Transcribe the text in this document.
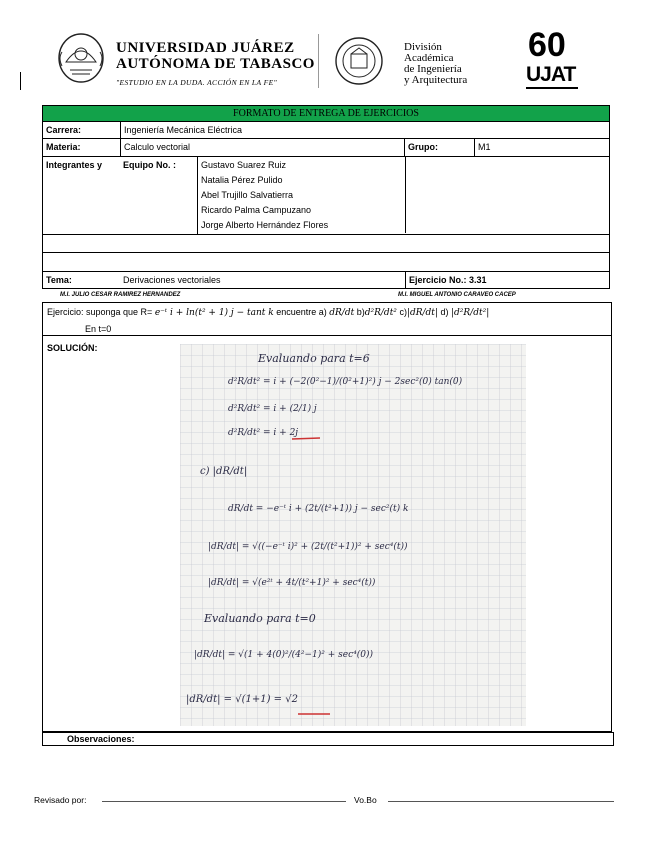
UNIVERSIDAD JUÁREZ
AUTÓNOMA DE TABASCO
"ESTUDIO EN LA DUDA. ACCIÓN EN LA FE"
División
Académica
de Ingeniería
y Arquitectura
60
UJAT
FORMATO DE ENTREGA DE EJERCICIOS
Carrera:	Ingeniería Mecánica Eléctrica
Materia:	Calculo vectorial	Grupo:	M1
Integrantes y	Equipo No. :	Gustavo Suarez Ruiz
Natalia Pérez Pulido
Abel Trujillo Salvatierra
Ricardo Palma Campuzano
Jorge Alberto Hernández Flores
Tema:	Derivaciones vectoriales	Ejercicio No.: 3.31
M.I. JULIO CESAR RAMIREZ HERNANDEZ	M.I. MIGUEL ANTONIO CARAVEO CACEP
Ejercicio: suponga que R= e⁻ᵗ i + ln(t² + 1) j − tant k encuentre a) dR/dt b)d²R/dt² c)|dR/dt| d) |d²R/dt²|
En t=0
SOLUCIÓN:
Evaluando para t=6
d²R/dt² = i + (−2(0²−1)/(0²+1)²) j − 2sec²(0) tan(0)
d²R/dt² = i + (2/1) j
d²R/dt² = i + 2j
c) |dR/dt|
dR/dt = −e⁻ᵗ i + (2t/(t²+1)) j − sec²(t) k
|dR/dt| = √((−e⁻ᵗ i)² + (2t/(t²+1))² + sec⁴(t))
|dR/dt| = √(e²ᵗ + 4t/(t²+1)² + sec⁴(t))
Evaluando para t=0
|dR/dt| = √(1 + 4(0)²/(4²−1)² + sec⁴(0))
|dR/dt| = √(1+1) = √2
Observaciones:
Revisado por:	Vo.Bo
